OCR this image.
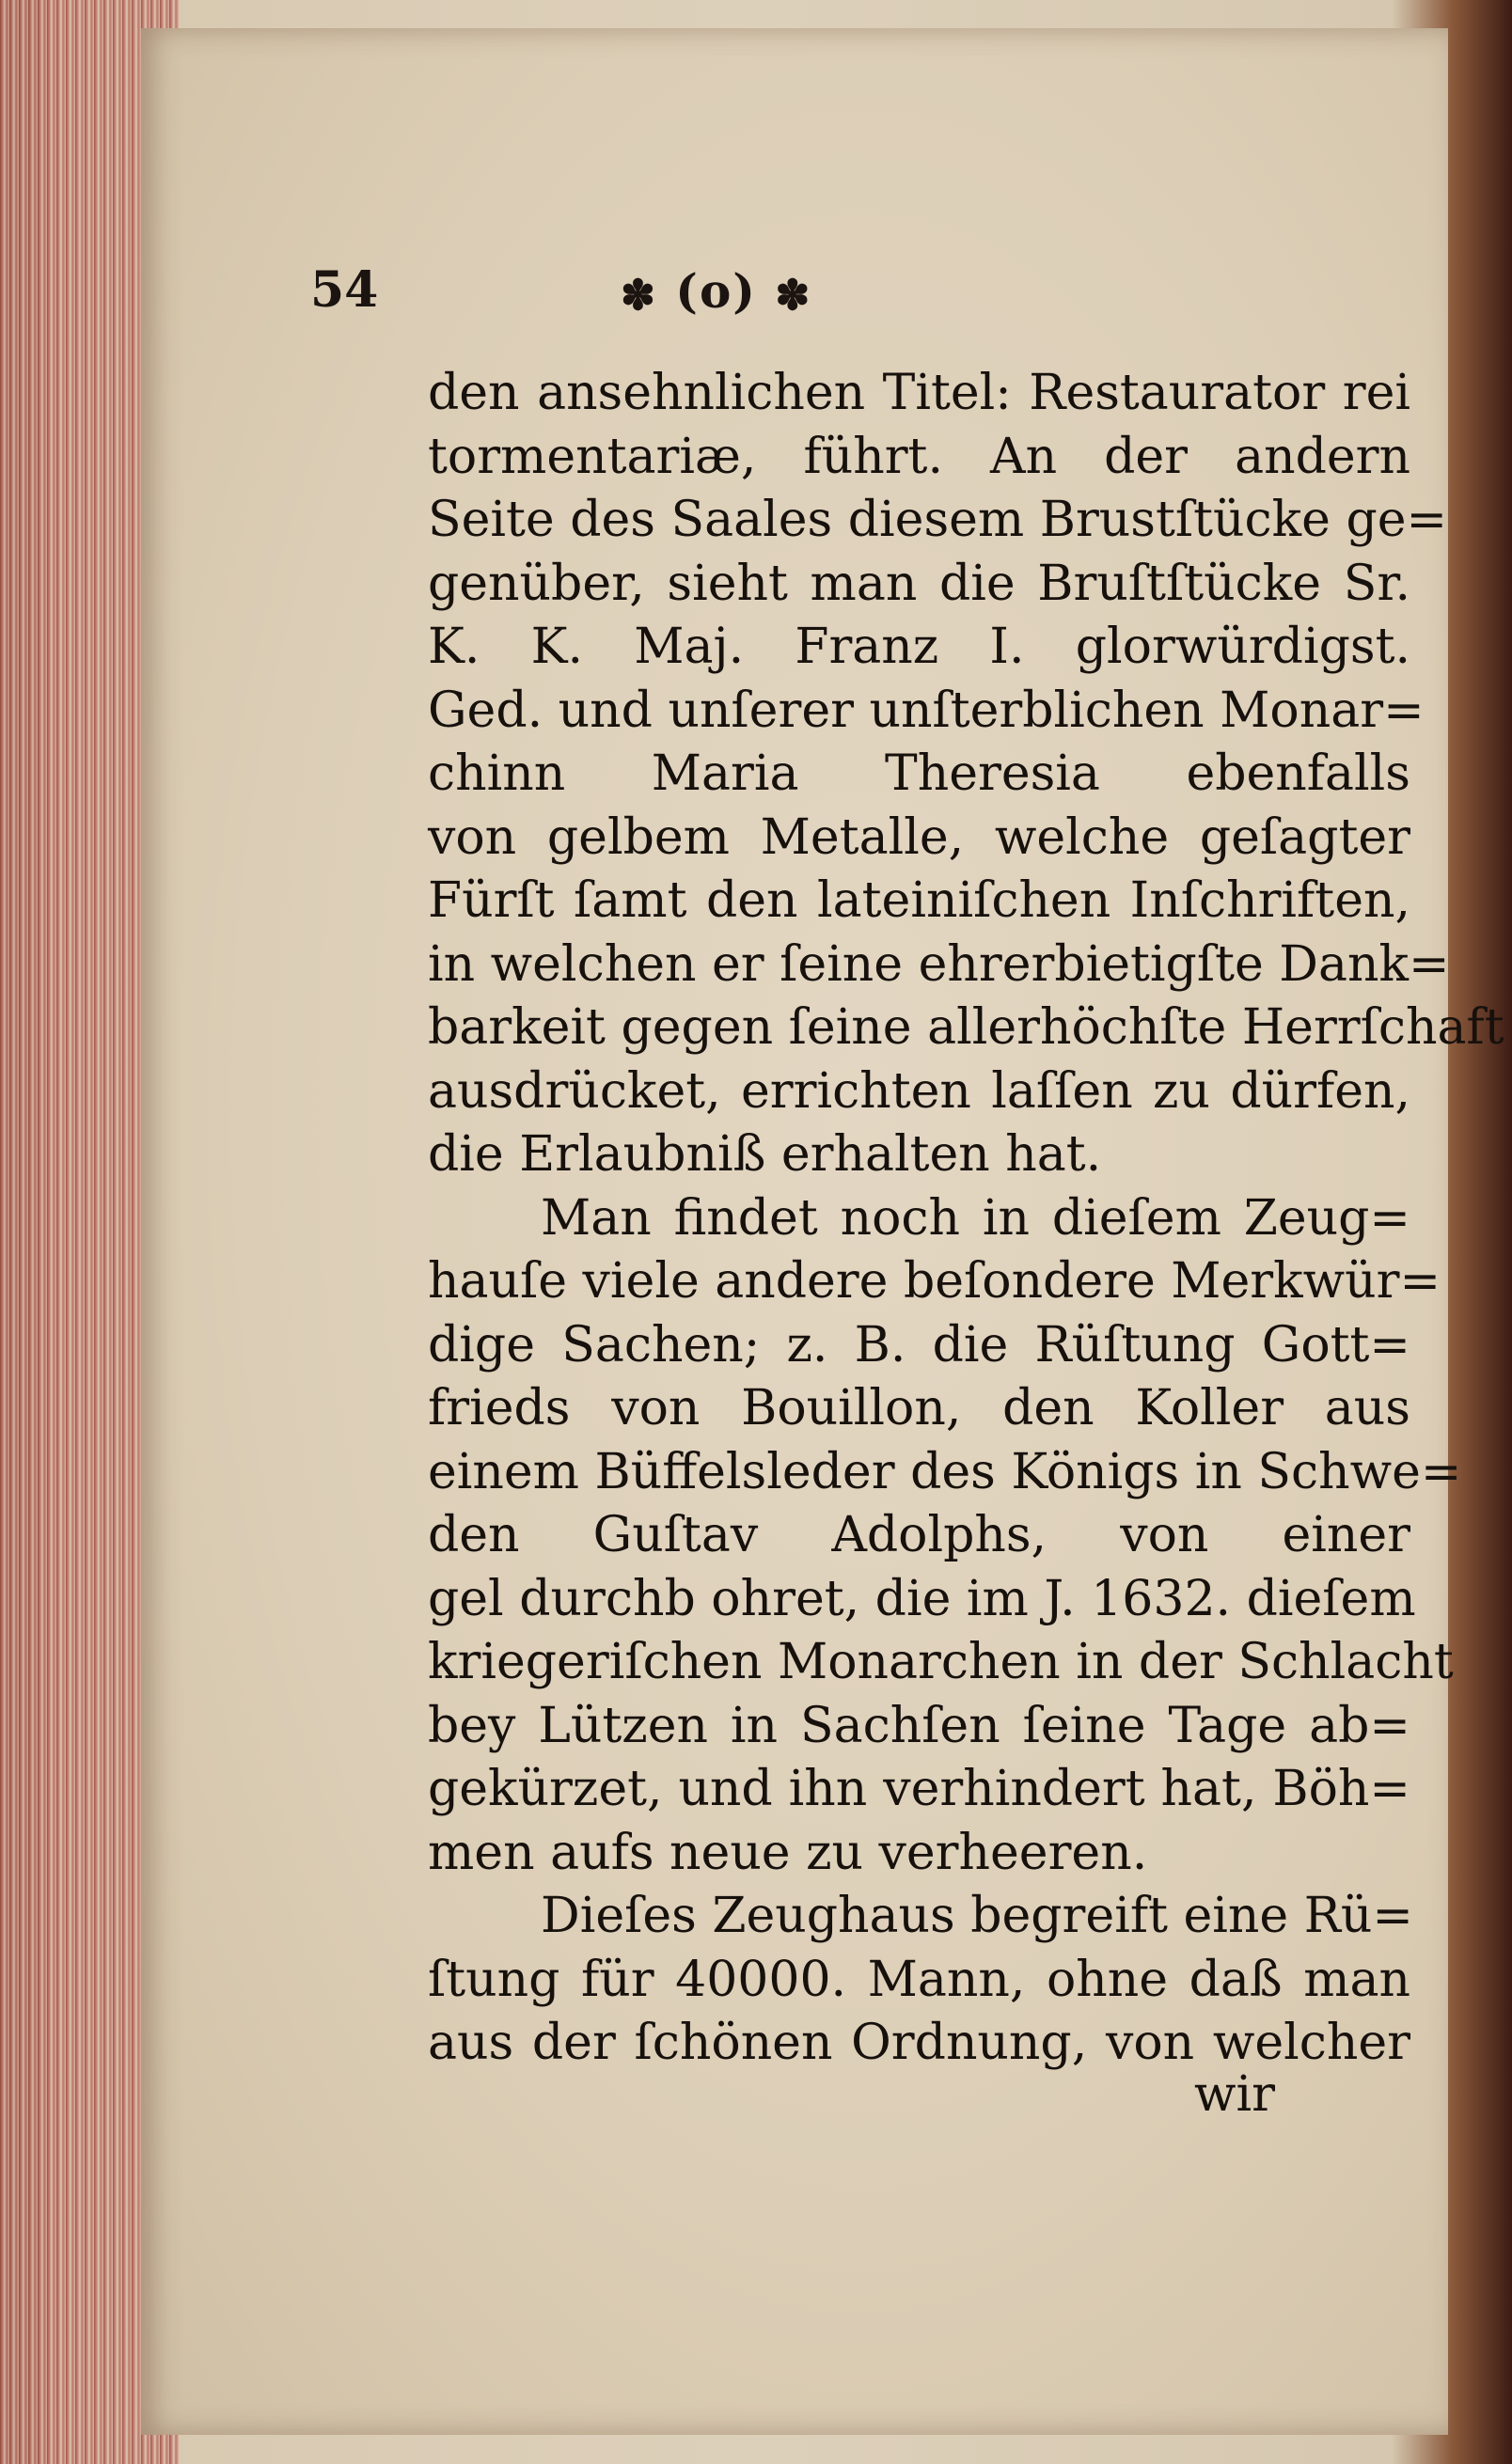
54	✽ (o) ✽
den ansehnlichen Titel: Restaurator rei
tormentariæ, führt. An der andern
Seite des Saales diesem Brustſtücke ge=
genüber, sieht man die Bruſtſtücke Sr.
K. K. Maj. Franz I. glorwürdigst.
Ged. und unſerer unſterblichen Monar=
chinn Maria Theresia ebenfalls
von gelbem Metalle, welche geſagter
Fürſt ſamt den lateiniſchen Inſchriften,
in welchen er ſeine ehrerbietigſte Dank=
barkeit gegen ſeine allerhöchſte Herrſchaft
ausdrücket, errichten laſſen zu dürfen,
die Erlaubniß erhalten hat.
Man findet noch in dieſem Zeug=
hauſe viele andere beſondere Merkwür=
dige Sachen; z. B. die Rüſtung Gott=
frieds von Bouillon, den Koller aus
einem Büffelsleder des Königs in Schwe=
den Guſtav Adolphs, von einer
gel durchb ohret, die im J. 1632. dieſem
kriegeriſchen Monarchen in der Schlacht
bey Lützen in Sachſen ſeine Tage ab=
gekürzet, und ihn verhindert hat, Böh=
men aufs neue zu verheeren.
Dieſes Zeughaus begreift eine Rü=
ſtung für 40000. Mann, ohne daß man
aus der ſchönen Ordnung, von welcher
wir
